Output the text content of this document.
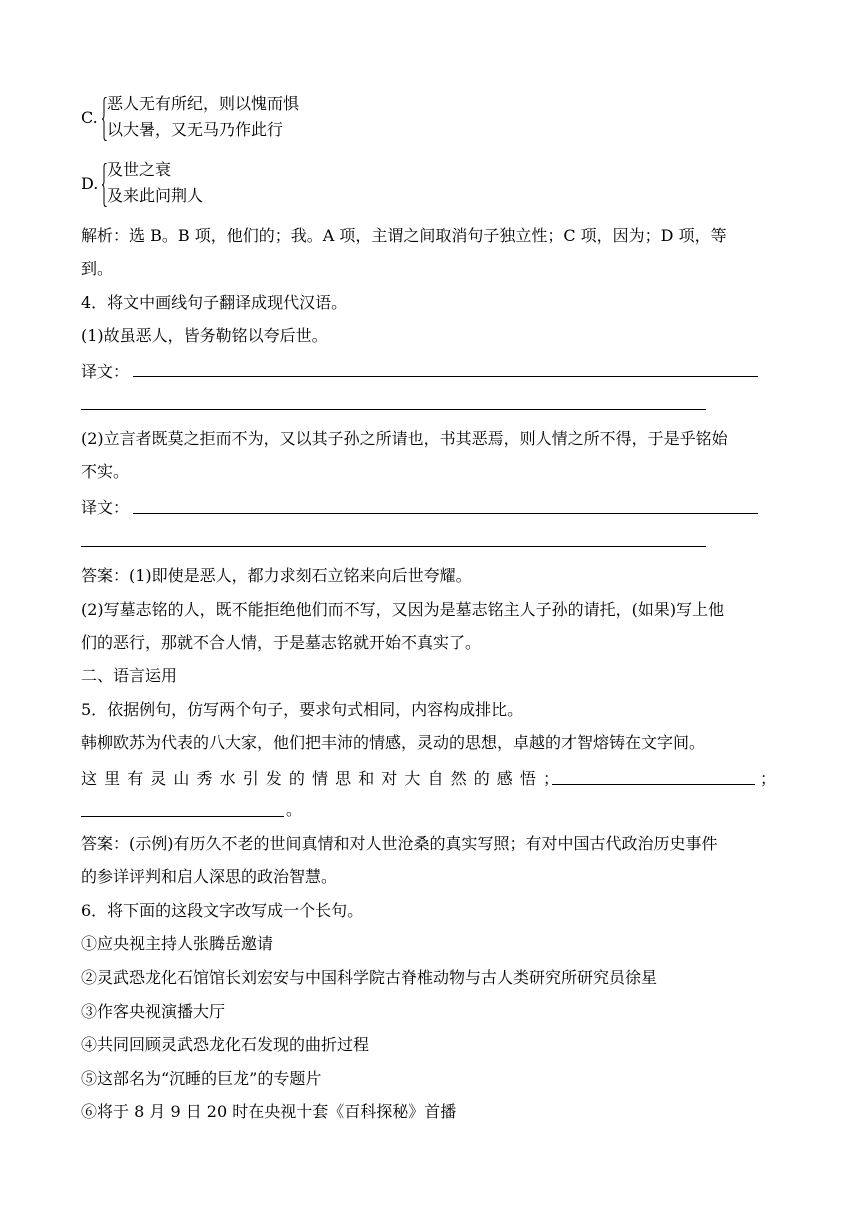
C.
恶人无有所纪，则以愧而惧
以大暑，又无马乃作此行
D.
及世之衰
及来此问荆人
解析：选 B。B 项，他们的；我。A 项，主谓之间取消句子独立性；C 项，因为；D 项，等
到。
4．将文中画线句子翻译成现代汉语。
(1)故虽恶人，皆务勒铭以夸后世。
译文：
(2)立言者既莫之拒而不为，又以其子孙之所请也，书其恶焉，则人情之所不得，于是乎铭始
不实。
译文：
答案：(1)即使是恶人，都力求刻石立铭来向后世夸耀。
(2)写墓志铭的人，既不能拒绝他们而不写，又因为是墓志铭主人子孙的请托，(如果)写上他
们的恶行，那就不合人情，于是墓志铭就开始不真实了。
二、语言运用
5．依据例句，仿写两个句子，要求句式相同，内容构成排比。
韩柳欧苏为代表的八大家，他们把丰沛的情感，灵动的思想，卓越的才智熔铸在文字间。
这里有灵山秀水引发的情思和对大自然的感悟；	；
。
答案：(示例)有历久不老的世间真情和对人世沧桑的真实写照；有对中国古代政治历史事件
的参详评判和启人深思的政治智慧。
6．将下面的这段文字改写成一个长句。
①应央视主持人张腾岳邀请
②灵武恐龙化石馆馆长刘宏安与中国科学院古脊椎动物与古人类研究所研究员徐星
③作客央视演播大厅
④共同回顾灵武恐龙化石发现的曲折过程
⑤这部名为“沉睡的巨龙”的专题片
⑥将于 8 月 9 日 20 时在央视十套《百科探秘》首播
